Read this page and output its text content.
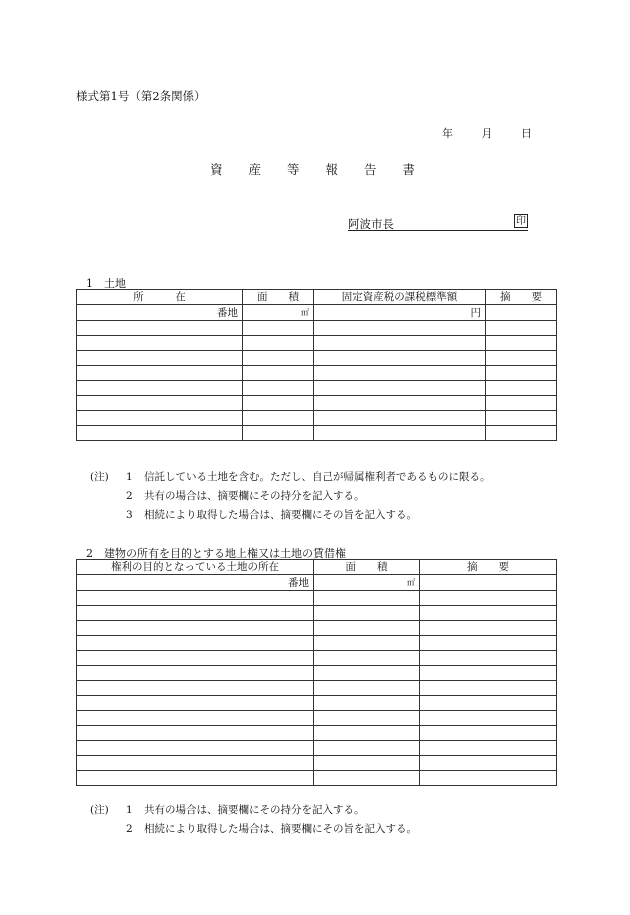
様式第1号（第2条関係）
年	月	日
資 産 等 報 告 書
阿波市長	印
1　土地
所　　　在	面　　積	固定資産税の課税標準額	摘　　要
番地	㎡	円	

(注)	1	信託している土地を含む。ただし、自己が帰属権利者であるものに限る。
2	共有の場合は、摘要欄にその持分を記入する。
3	相続により取得した場合は、摘要欄にその旨を記入する。
2　建物の所有を目的とする地上権又は土地の賃借権
権利の目的となっている土地の所在	面　　積	摘　　要
番地	㎡	

(注)	1	共有の場合は、摘要欄にその持分を記入する。
2	相続により取得した場合は、摘要欄にその旨を記入する。
